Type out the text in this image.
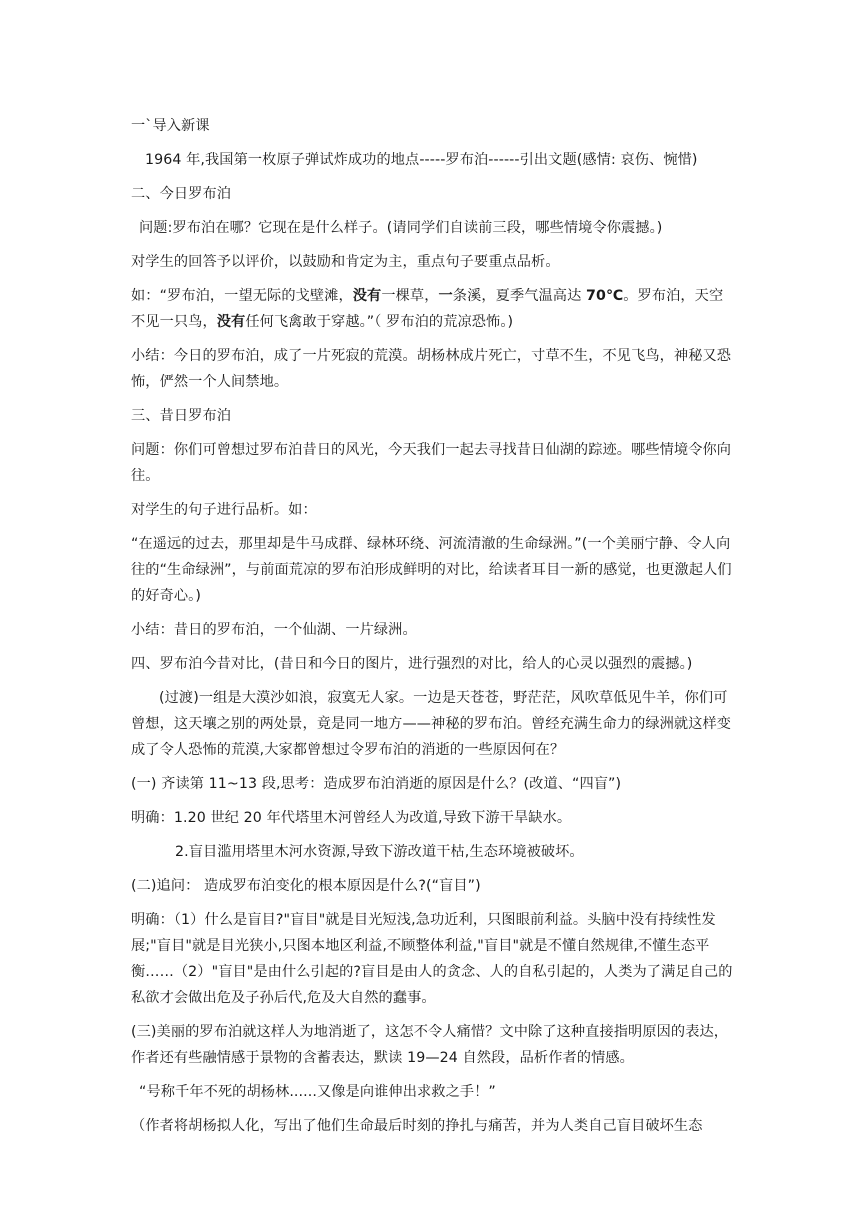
一`导入新课
1964 年,我国第一枚原子弹试炸成功的地点-----罗布泊------引出文题(感情: 哀伤、惋惜)
二、今日罗布泊
问题:罗布泊在哪？它现在是什么样子。(请同学们自读前三段，哪些情境令你震撼。)
对学生的回答予以评价，以鼓励和肯定为主，重点句子要重点品析。
如：“罗布泊，一望无际的戈壁滩，没有一棵草，一条溪，夏季气温高达 70℃。罗布泊，天空不见一只鸟，没有任何飞禽敢于穿越。”（ 罗布泊的荒凉恐怖。)
小结：今日的罗布泊，成了一片死寂的荒漠。胡杨林成片死亡，寸草不生，不见飞鸟，神秘又恐怖，俨然一个人间禁地。
三、昔日罗布泊
问题：你们可曾想过罗布泊昔日的风光，今天我们一起去寻找昔日仙湖的踪迹。哪些情境令你向往。
对学生的句子进行品析。如：
“在遥远的过去，那里却是牛马成群、绿林环绕、河流清澈的生命绿洲。”(一个美丽宁静、令人向往的“生命绿洲”，与前面荒凉的罗布泊形成鲜明的对比，给读者耳目一新的感觉，也更激起人们的好奇心。)
小结：昔日的罗布泊，一个仙湖、一片绿洲。
四、罗布泊今昔对比，(昔日和今日的图片，进行强烈的对比，给人的心灵以强烈的震撼。)
(过渡)一组是大漠沙如浪，寂寞无人家。一边是天苍苍，野茫茫，风吹草低见牛羊，你们可曾想，这天壤之别的两处景，竟是同一地方——神秘的罗布泊。曾经充满生命力的绿洲就这样变成了令人恐怖的荒漠,大家都曾想过令罗布泊的消逝的一些原因何在？
(一) 齐读第 11~13 段,思考：造成罗布泊消逝的原因是什么？(改道、“四盲”)
明确：1.20 世纪 20 年代塔里木河曾经人为改道,导致下游干旱缺水。
2.盲目滥用塔里木河水资源,导致下游改道干枯,生态环境被破坏。
(二)追问： 造成罗布泊变化的根本原因是什么?(“盲目”)
明确：（1）什么是盲目?"盲目"就是目光短浅,急功近利，只图眼前利益。头脑中没有持续性发展;"盲目"就是目光狭小,只图本地区利益,不顾整体利益,"盲目"就是不懂自然规律,不懂生态平衡……（2）"盲目"是由什么引起的?盲目是由人的贪念、人的自私引起的，人类为了满足自己的私欲才会做出危及子孙后代,危及大自然的蠢事。
(三)美丽的罗布泊就这样人为地消逝了，这怎不令人痛惜？文中除了这种直接指明原因的表达，作者还有些融情感于景物的含蓄表达，默读 19—24 自然段，品析作者的情感。
“号称千年不死的胡杨林......又像是向谁伸出求救之手！”
（作者将胡杨拟人化，写出了他们生命最后时刻的挣扎与痛苦，并为人类自己盲目破坏生态
